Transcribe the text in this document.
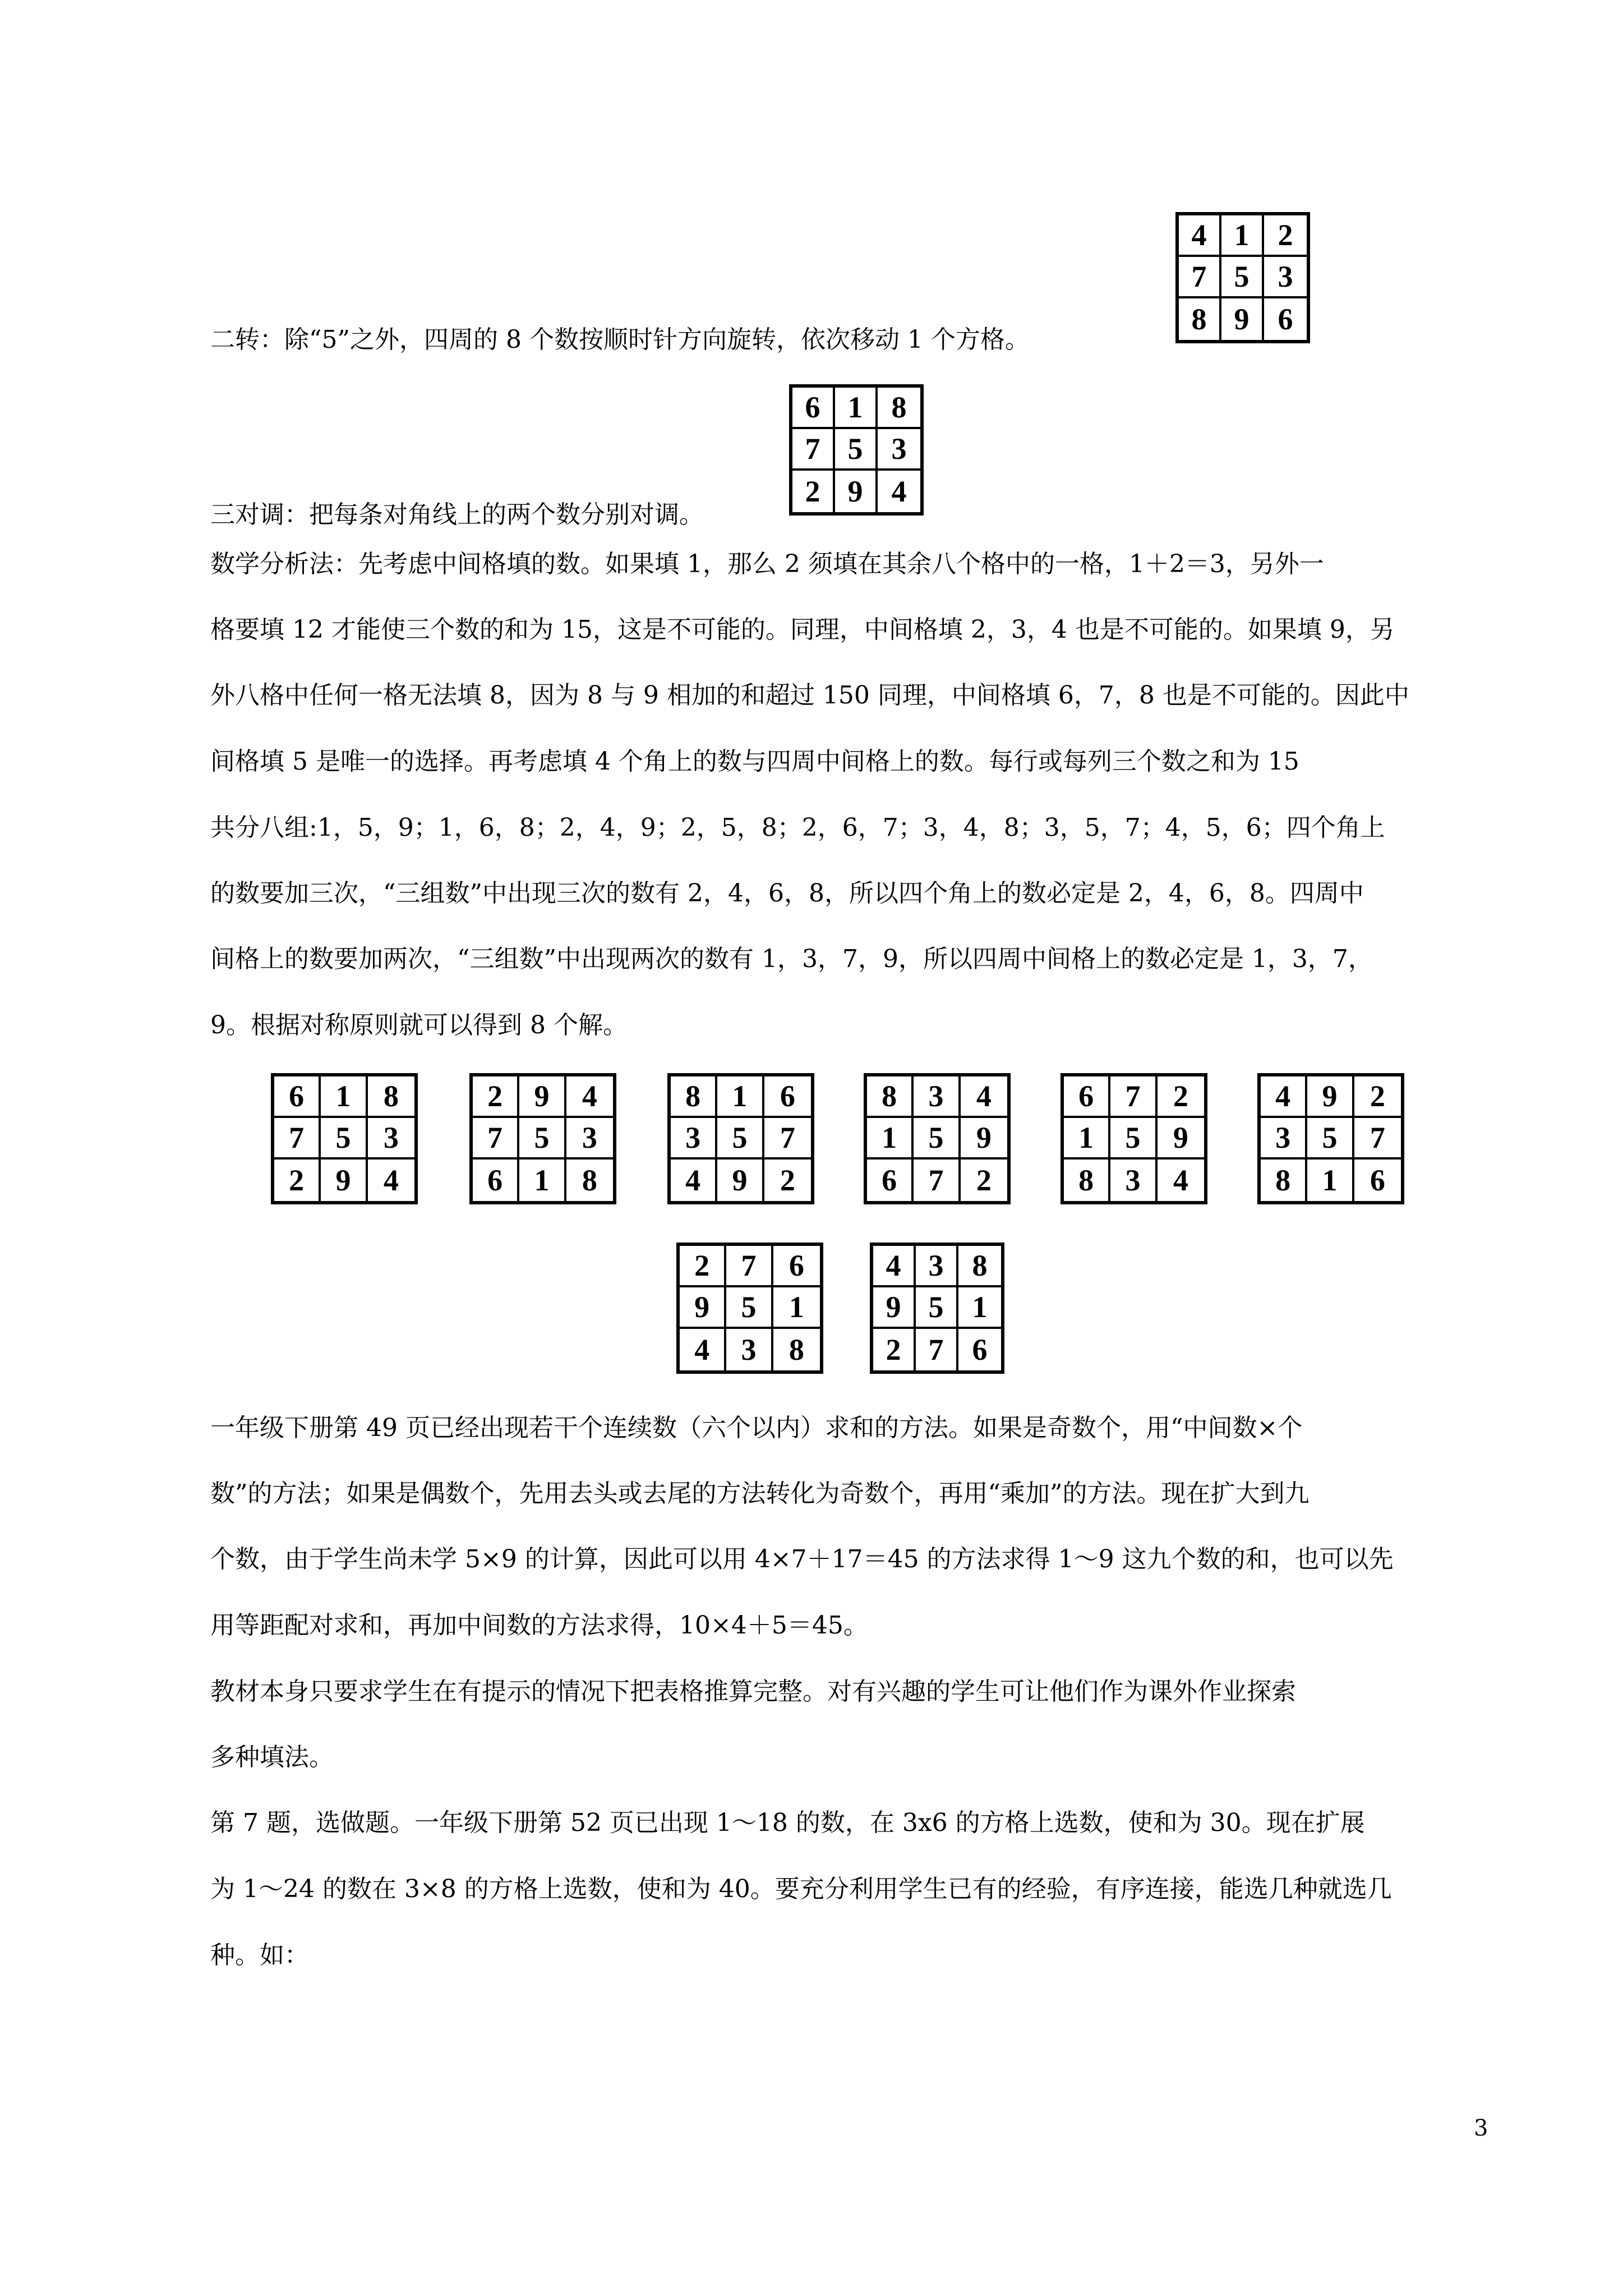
二转：除“5”之外，四周的 8 个数按顺时针方向旋转，依次移动 1 个方格。
三对调：把每条对角线上的两个数分别对调。
数学分析法：先考虑中间格填的数。如果填 1，那么 2 须填在其余八个格中的一格，1＋2＝3，另外一
格要填 12 才能使三个数的和为 15，这是不可能的。同理，中间格填 2，3，4 也是不可能的。如果填 9，另
外八格中任何一格无法填 8，因为 8 与 9 相加的和超过 150 同理，中间格填 6，7，8 也是不可能的。因此中
间格填 5 是唯一的选择。再考虑填 4 个角上的数与四周中间格上的数。每行或每列三个数之和为 15
共分八组:1，5，9；1，6，8；2，4，9；2，5，8；2，6，7；3，4，8；3，5，7；4，5，6；四个角上
的数要加三次，“三组数”中出现三次的数有 2，4，6，8，所以四个角上的数必定是 2，4，6，8。四周中
间格上的数要加两次，“三组数”中出现两次的数有 1，3，7，9，所以四周中间格上的数必定是 1，3，7，
9。根据对称原则就可以得到 8 个解。
一年级下册第 49 页已经出现若干个连续数（六个以内）求和的方法。如果是奇数个，用“中间数×个
数”的方法；如果是偶数个，先用去头或去尾的方法转化为奇数个，再用“乘加”的方法。现在扩大到九
个数，由于学生尚未学 5×9 的计算，因此可以用 4×7＋17＝45 的方法求得 1～9 这九个数的和，也可以先
用等距配对求和，再加中间数的方法求得，10×4＋5＝45。
教材本身只要求学生在有提示的情况下把表格推算完整。对有兴趣的学生可让他们作为课外作业探索
多种填法。
第 7 题，选做题。一年级下册第 52 页已出现 1～18 的数，在 3x6 的方格上选数，使和为 30。现在扩展
为 1～24 的数在 3×8 的方格上选数，使和为 40。要充分利用学生已有的经验，有序连接，能选几种就选几
种。如：
4 1 2
7 5 3
8 9 6
6 1 8
7 5 3
2 9 4
6	1	8
7	5	3
2	9	4
2	9	4
7	5	3
6	1	8
8	1	6
3	5	7
4	9	2
8	3	4
1	5	9
6	7	2
6	7	2
1	5	9
8	3	4
4	9	2
3	5	7
8	1	6
2	7	6
9	5	1
4	3	8
4 3 8
9 5 1
2 7 6
3
